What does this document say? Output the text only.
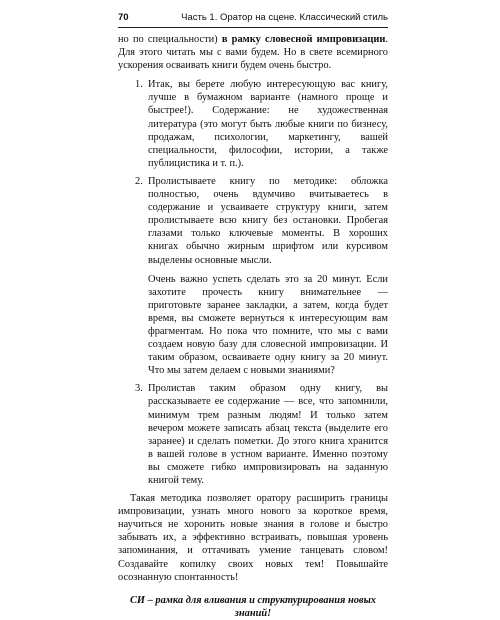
70	Часть 1. Оратор на сцене. Классический стиль

но по специальности) в рамку словесной импровизации. Для этого читать мы с вами будем. Но в свете всемирного ускорения осваивать книги будем очень быстро.

1. Итак, вы берете любую интересующую вас книгу, лучше в бумажном варианте (намного проще и быстрее!). Содержание: не художественная литература (это могут быть любые книги по бизнесу, продажам, психологии, маркетингу, вашей специальности, философии, истории, а также публицистика и т. п.).

2. Пролистываете книгу по методике: обложка полностью, очень вдумчиво вчитываетесь в содержание и усваиваете структуру книги, затем пролистываете всю книгу без остановки. Пробегая глазами только ключевые моменты. В хороших книгах обычно жирным шрифтом или курсивом выделены основные мысли.

Очень важно успеть сделать это за 20 минут. Если захотите прочесть книгу внимательнее — приготовьте заранее закладки, а затем, когда будет время, вы сможете вернуться к интересующим вам фрагментам. Но пока что помните, что мы с вами создаем новую базу для словесной импровизации. И таким образом, осваиваете одну книгу за 20 минут. Что мы затем делаем с новыми знаниями?

3. Пролистав таким образом одну книгу, вы рассказываете ее содержание — все, что запомнили, минимум трем разным людям! И только затем вечером можете записать абзац текста (выделите его заранее) и сделать пометки. До этого книга хранится в вашей голове в устном варианте. Именно поэтому вы сможете гибко импровизировать на заданную книгой тему.

Такая методика позволяет оратору расширить границы импровизации, узнать много нового за короткое время, научиться не хоронить новые знания в голове и быстро забывать их, а эффективно встраивать, повышая уровень запоминания, и оттачивать умение танцевать словом! Создавайте копилку своих новых тем! Повышайте осознанную спонтанность!

СИ – рамка для вливания и структурирования новых знаний!
